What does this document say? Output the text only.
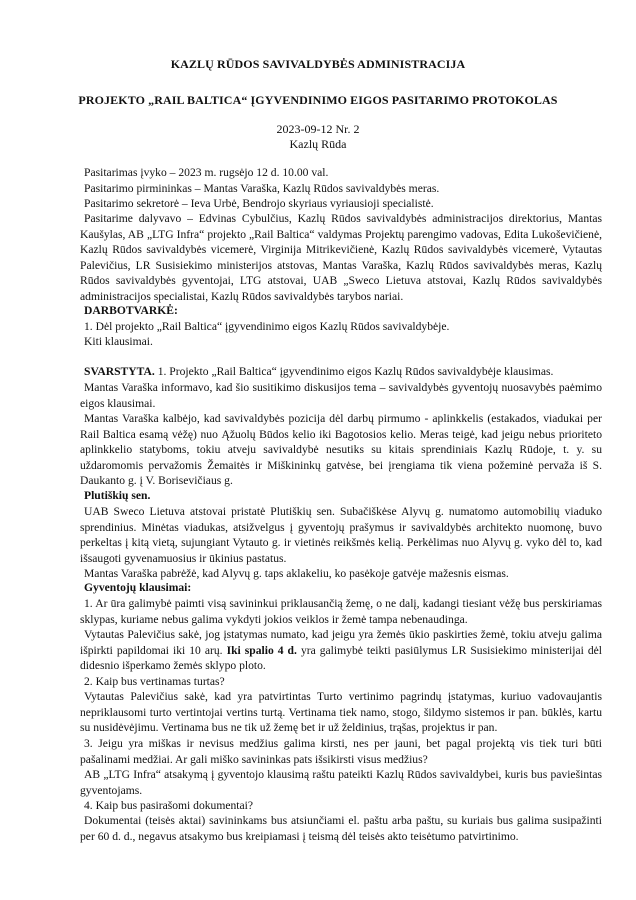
KAZLŲ RŪDOS SAVIVALDYBĖS ADMINISTRACIJA
PROJEKTO „RAIL BALTICA“ ĮGYVENDINIMO EIGOS PASITARIMO PROTOKOLAS
2023-09-12 Nr. 2
Kazlų Rūda
Pasitarimas įvyko – 2023 m. rugsėjo 12 d. 10.00 val.
Pasitarimo pirmininkas – Mantas Varaška, Kazlų Rūdos savivaldybės meras.
Pasitarimo sekretorė – Ieva Urbė, Bendrojo skyriaus vyriausioji specialistė.
Pasitarime dalyvavo – Edvinas Cybulčius, Kazlų Rūdos savivaldybės administracijos direktorius, Mantas Kaušylas, AB „LTG Infra“ projekto „Rail Baltica“ valdymas Projektų parengimo vadovas, Edita Lukoševičienė, Kazlų Rūdos savivaldybės vicemerė, Virginija Mitrikevičienė, Kazlų Rūdos savivaldybės vicemerė, Vytautas Palevičius, LR Susisiekimo ministerijos atstovas, Mantas Varaška, Kazlų Rūdos savivaldybės meras, Kazlų Rūdos savivaldybės gyventojai, LTG atstovai, UAB „Sweco Lietuva atstovai, Kazlų Rūdos savivaldybės administracijos specialistai, Kazlų Rūdos savivaldybės tarybos nariai.
DARBOTVARKĖ:
1. Dėl projekto „Rail Baltica“ įgyvendinimo eigos Kazlų Rūdos savivaldybėje.
Kiti klausimai.
SVARSTYTA. 1. Projekto „Rail Baltica“ įgyvendinimo eigos Kazlų Rūdos savivaldybėje klausimas.
Mantas Varaška informavo, kad šio susitikimo diskusijos tema – savivaldybės gyventojų nuosavybės paėmimo eigos klausimai.
Mantas Varaška kalbėjo, kad savivaldybės pozicija dėl darbų pirmumo - aplinkkelis (estakados, viadukai per Rail Baltica esamą vėžę) nuo Ąžuolų Būdos kelio iki Bagotosios kelio. Meras teigė, kad jeigu nebus prioriteto aplinkkelio statyboms, tokiu atveju savivaldybė nesutiks su kitais sprendiniais Kazlų Rūdoje, t. y. su uždaromomis pervažomis Žemaitės ir Miškininkų gatvėse, bei įrengiama tik viena požeminė pervaža iš S. Daukanto g. į V. Borisevičiaus g.
Plutiškių sen.
UAB Sweco Lietuva atstovai pristatė Plutiškių sen. Subačiškėse Alyvų g. numatomo automobilių viaduko sprendinius. Minėtas viadukas, atsižvelgus į gyventojų prašymus ir savivaldybės architekto nuomonę, buvo perkeltas į kitą vietą, sujungiant Vytauto g. ir vietinės reikšmės kelią. Perkėlimas nuo Alyvų g. vyko dėl to, kad išsaugoti gyvenamuosius ir ūkinius pastatus.
Mantas Varaška pabrėžė, kad Alyvų g. taps aklakeliu, ko pasėkoje gatvėje mažesnis eismas.
Gyventojų klausimai:
1. Ar ūra galimybė paimti visą savininkui priklausančią žemę, o ne dalį, kadangi tiesiant vėžę bus perskiriamas sklypas, kuriame nebus galima vykdyti jokios veiklos ir žemė tampa nebenaudinga.
Vytautas Palevičius sakė, jog įstatymas numato, kad jeigu yra žemės ūkio paskirties žemė, tokiu atveju galima išpirkti papildomai iki 10 arų. Iki spalio 4 d. yra galimybė teikti pasiūlymus LR Susisiekimo ministerijai dėl didesnio išperkamo žemės sklypo ploto.
2. Kaip bus vertinamas turtas?
Vytautas Palevičius sakė, kad yra patvirtintas Turto vertinimo pagrindų įstatymas, kuriuo vadovaujantis nepriklausomi turto vertintojai vertins turtą. Vertinama tiek namo, stogo, šildymo sistemos ir pan. būklės, kartu su nusidėvėjimu. Vertinama bus ne tik už žemę bet ir už želdinius, trąšas, projektus ir pan.
3. Jeigu yra miškas ir nevisus medžius galima kirsti, nes per jauni, bet pagal projektą vis tiek turi būti pašalinami medžiai. Ar gali miško savininkas pats išsikirsti visus medžius?
AB „LTG Infra“ atsakymą į gyventojo klausimą raštu pateikti Kazlų Rūdos savivaldybei, kuris bus paviešintas gyventojams.
4. Kaip bus pasirašomi dokumentai?
Dokumentai (teisės aktai) savininkams bus atsiunčiami el. paštu arba paštu, su kuriais bus galima susipažinti per 60 d. d., negavus atsakymo bus kreipiamasi į teismą dėl teisės akto teisėtumo patvirtinimo.
